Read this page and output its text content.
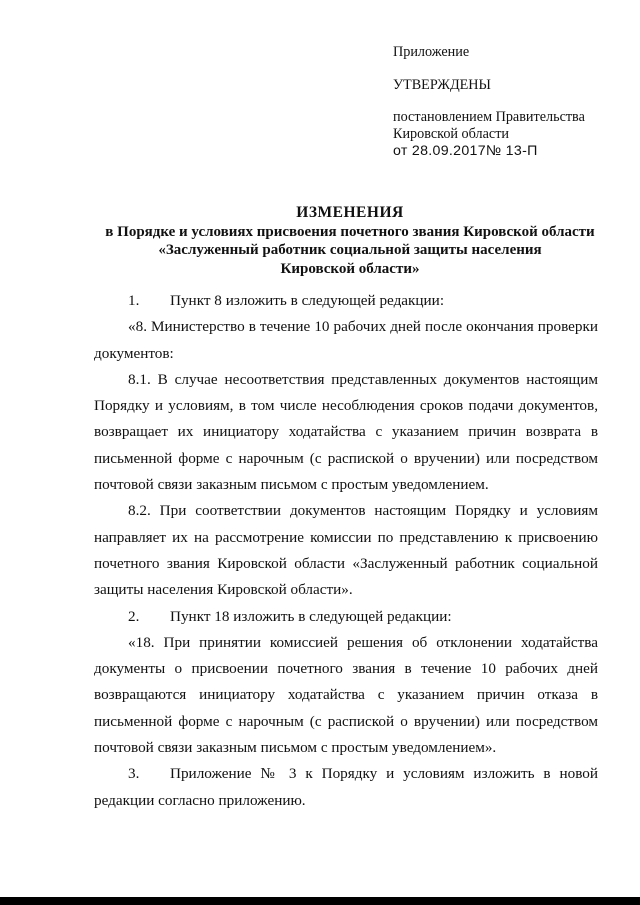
Приложение
УТВЕРЖДЕНЫ
постановлением Правительства
Кировской области
от 28.09.2017№ 13-П
ИЗМЕНЕНИЯ
в Порядке и условиях присвоения почетного звания Кировской области
«Заслуженный работник социальной защиты населения
Кировской области»

1. Пункт 8 изложить в следующей редакции:

«8. Министерство в течение 10 рабочих дней после окончания проверки документов:

8.1. В случае несоответствия представленных документов настоящим Порядку и условиям, в том числе несоблюдения сроков подачи документов, возвращает их инициатору ходатайства с указанием причин возврата в письменной форме с нарочным (с распиской о вручении) или посредством почтовой связи заказным письмом с простым уведомлением.

8.2. При соответствии документов настоящим Порядку и условиям направляет их на рассмотрение комиссии по представлению к присвоению почетного звания Кировской области «Заслуженный работник социальной защиты населения Кировской области».

2. Пункт 18 изложить в следующей редакции:

«18. При принятии комиссией решения об отклонении ходатайства документы о присвоении почетного звания в течение 10 рабочих дней возвращаются инициатору ходатайства с указанием причин отказа в письменной форме с нарочным (с распиской о вручении) или посредством почтовой связи заказным письмом с простым уведомлением».

3. Приложение № 3 к Порядку и условиям изложить в новой редакции согласно приложению.
